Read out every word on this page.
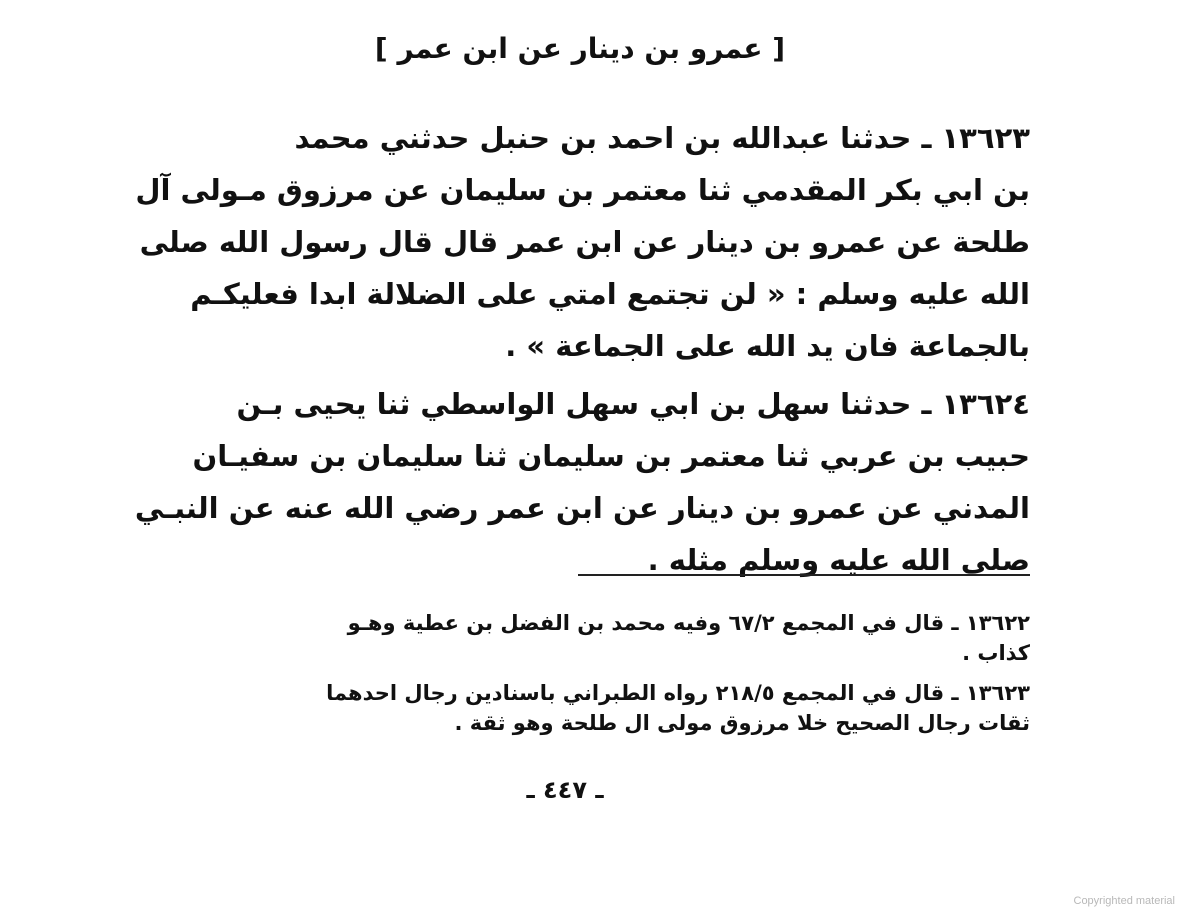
[ عمرو بن دينار عن ابن عمر ]
١٣٦٢٣ ـ حدثنا عبدالله بن احمد بن حنبل حدثني محمد
بن ابي بكر المقدمي ثنا معتمر بن سليمان عن مرزوق مـولى آل
طلحة عن عمرو بن دينار عن ابن عمر قال قال رسول الله صلى
الله عليه وسلم : « لن تجتمع امتي على الضلالة ابدا فعليكـم
بالجماعة فان يد الله على الجماعة » .
١٣٦٢٤ ـ حدثنا سهل بن ابي سهل الواسطي ثنا يحيى بـن
حبيب بن عربي ثنا معتمر بن سليمان ثنا سليمان بن سفيـان
المدني عن عمرو بن دينار عن ابن عمر رضي الله عنه عن النبـي
صلى الله عليه وسلم مثله .
١٣٦٢٢ ـ قال في المجمع ٦٧/٢ وفيه محمد بن الفضل بن عطية وهـو
كذاب .
١٣٦٢٣ ـ قال في المجمع ٢١٨/٥ رواه الطبراني باسنادين رجال احدهما
ثقات رجال الصحيح خلا مرزوق مولى ال طلحة وهو ثقة .
ـ ٤٤٧ ـ
Copyrighted material
